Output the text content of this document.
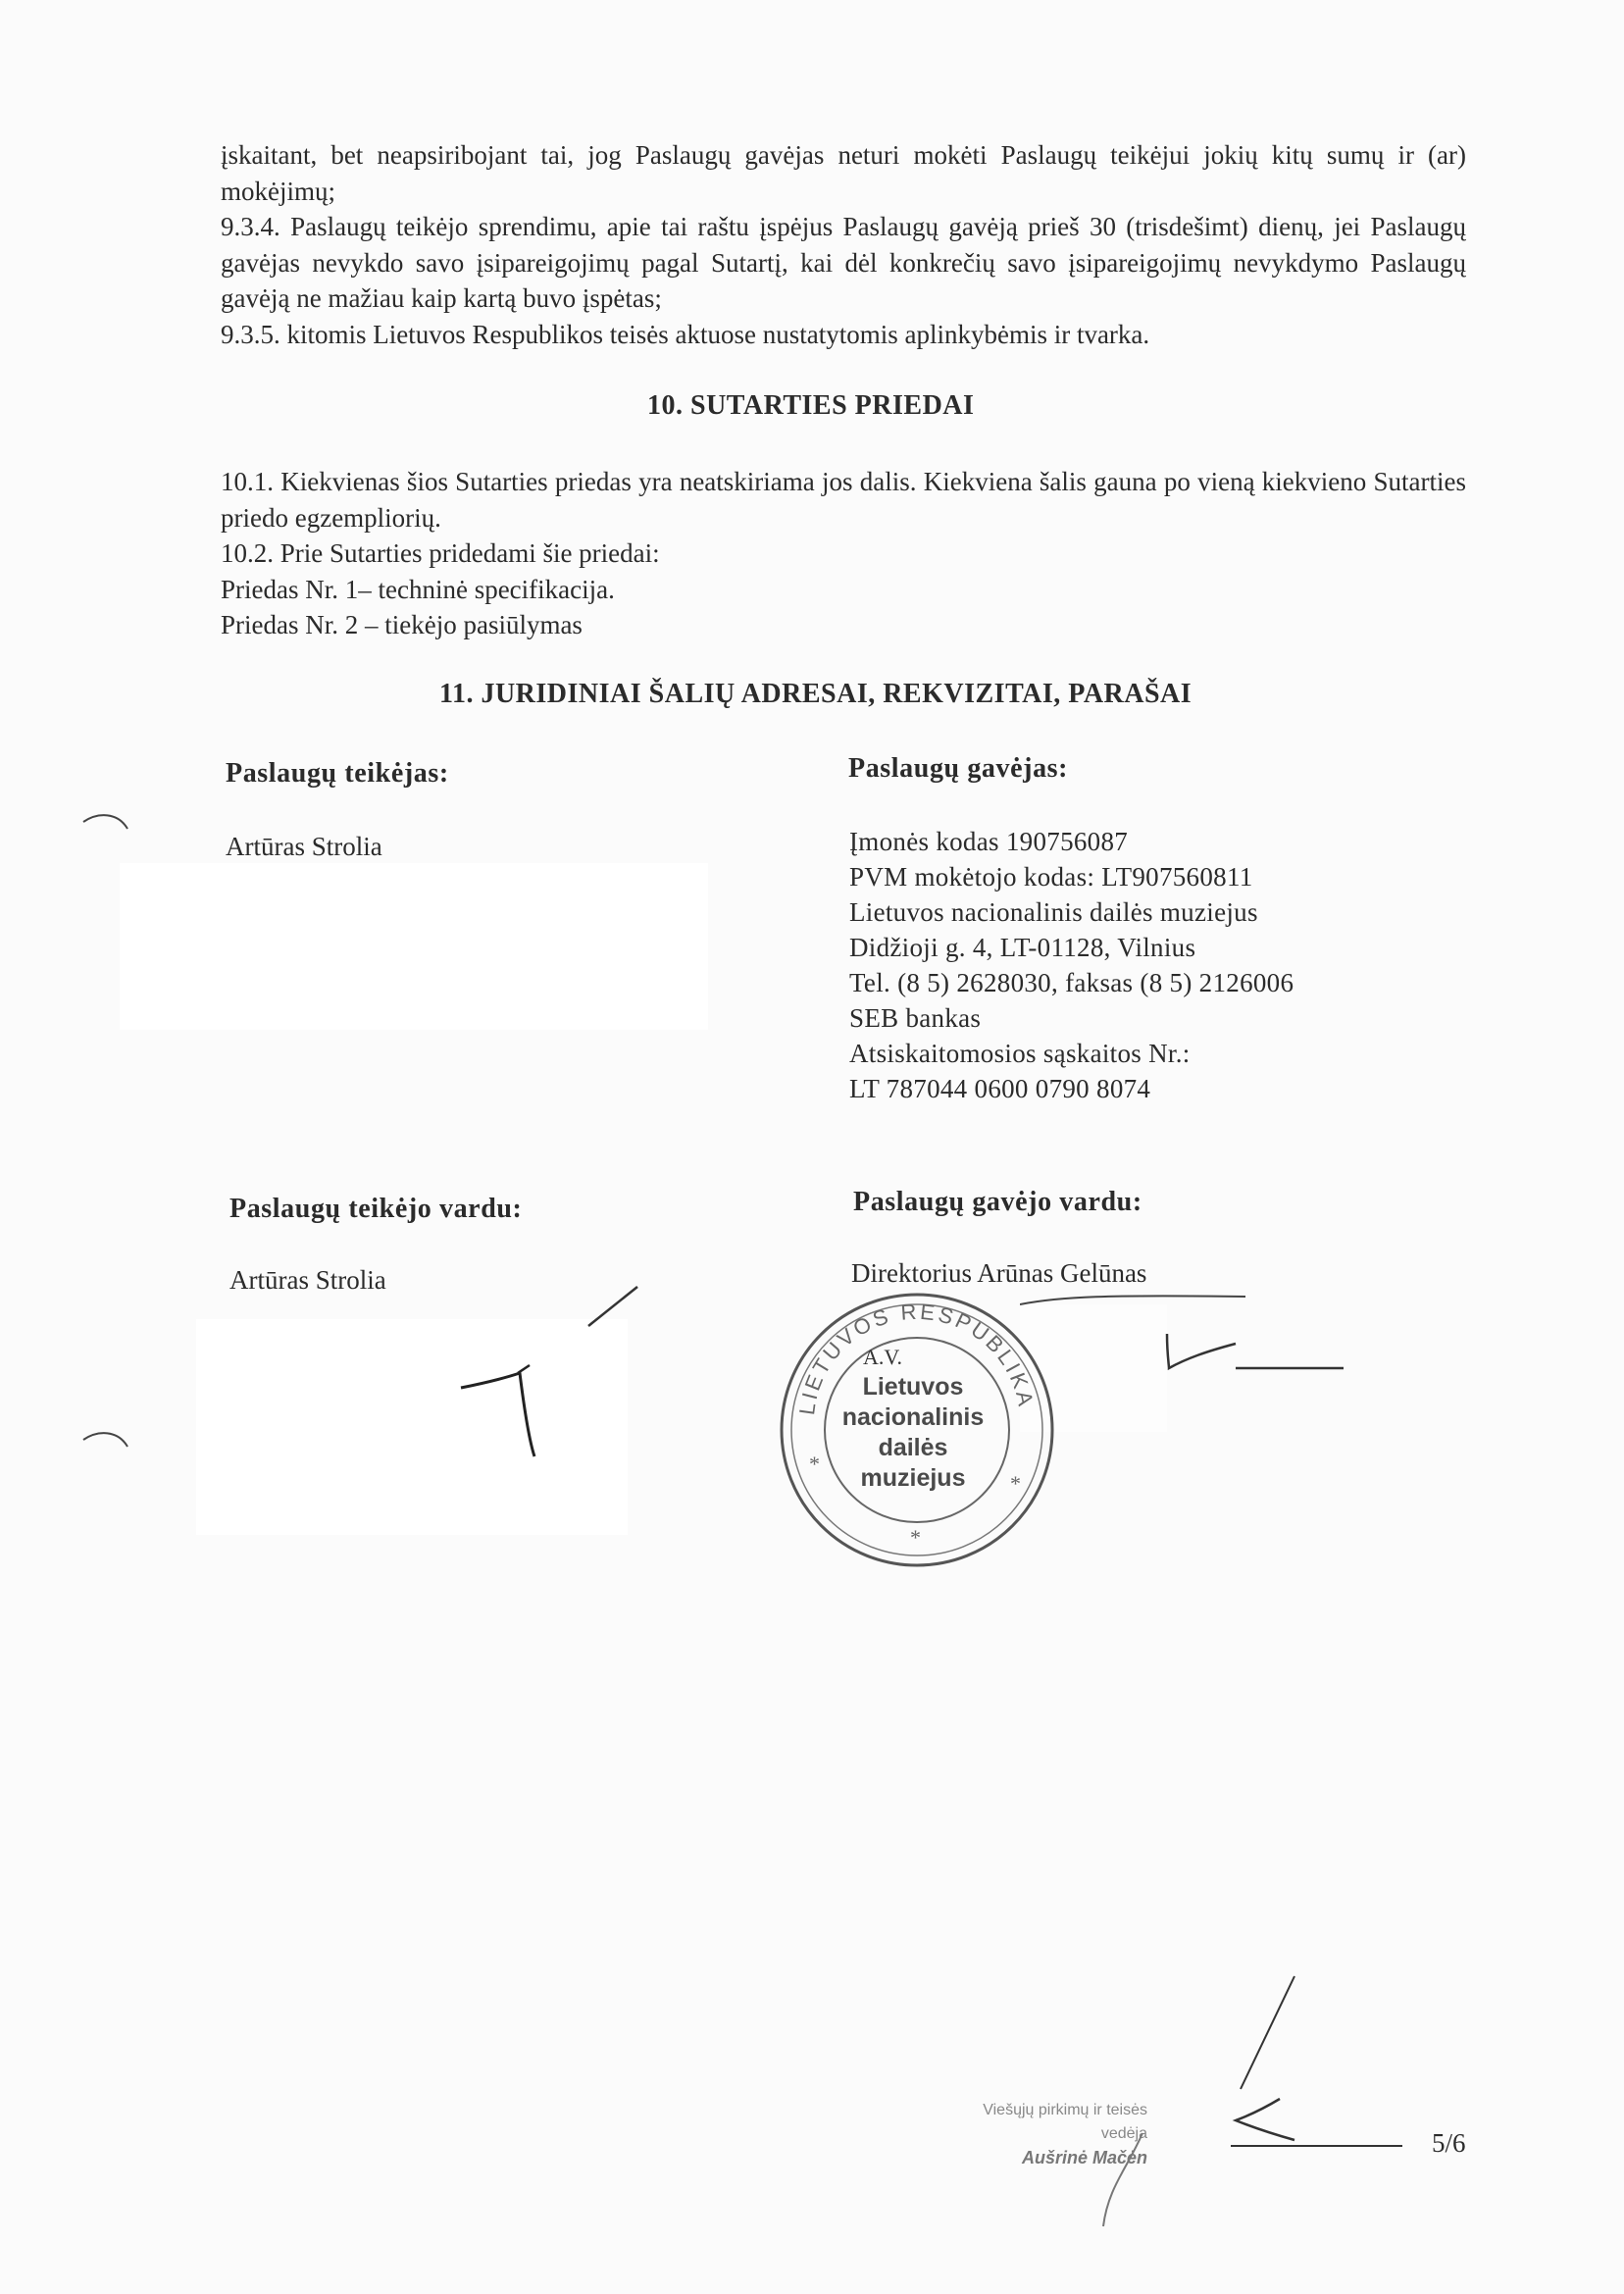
įskaitant, bet neapsiribojant tai, jog Paslaugų gavėjas neturi mokėti Paslaugų teikėjui jokių kitų sumų ir (ar) mokėjimų;

9.3.4. Paslaugų teikėjo sprendimu, apie tai raštu įspėjus Paslaugų gavėją prieš 30 (trisdešimt) dienų, jei Paslaugų gavėjas nevykdo savo įsipareigojimų pagal Sutartį, kai dėl konkrečių savo įsipareigojimų nevykdymo Paslaugų gavėją ne mažiau kaip kartą buvo įspėtas;

9.3.5. kitomis Lietuvos Respublikos teisės aktuose nustatytomis aplinkybėmis ir tvarka.

10. SUTARTIES PRIEDAI

10.1. Kiekvienas šios Sutarties priedas yra neatskiriama jos dalis. Kiekviena šalis gauna po vieną kiekvieno Sutarties priedo egzempliorių.

10.2. Prie Sutarties pridedami šie priedai:

Priedas Nr. 1– techninė specifikacija.

Priedas Nr. 2 – tiekėjo pasiūlymas

11. JURIDINIAI ŠALIŲ ADRESAI, REKVIZITAI, PARAŠAI
Paslaugų teikėjas:	Paslaugų gavėjas:
Artūras Strolia	Įmonės kodas 190756087
PVM mokėtojo kodas: LT907560811
Lietuvos nacionalinis dailės muziejus
Didžioji g. 4, LT-01128, Vilnius
Tel. (8 5) 2628030, faksas (8 5) 2126006
SEB bankas
Atsiskaitomosios sąskaitos Nr.:
LT 787044 0600 0790 8074
Paslaugų teikėjo vardu:	Paslaugų gavėjo vardu:
Artūras Strolia	Direktorius Arūnas Gelūnas
LIETUVOS RESPUBLIKA
*
*
*
A.V.
Lietuvos
nacionalinis
dailės
muziejus
Viešųjų pirkimų ir teisės
vedėja
Aušrinė Mačėn	5/6
